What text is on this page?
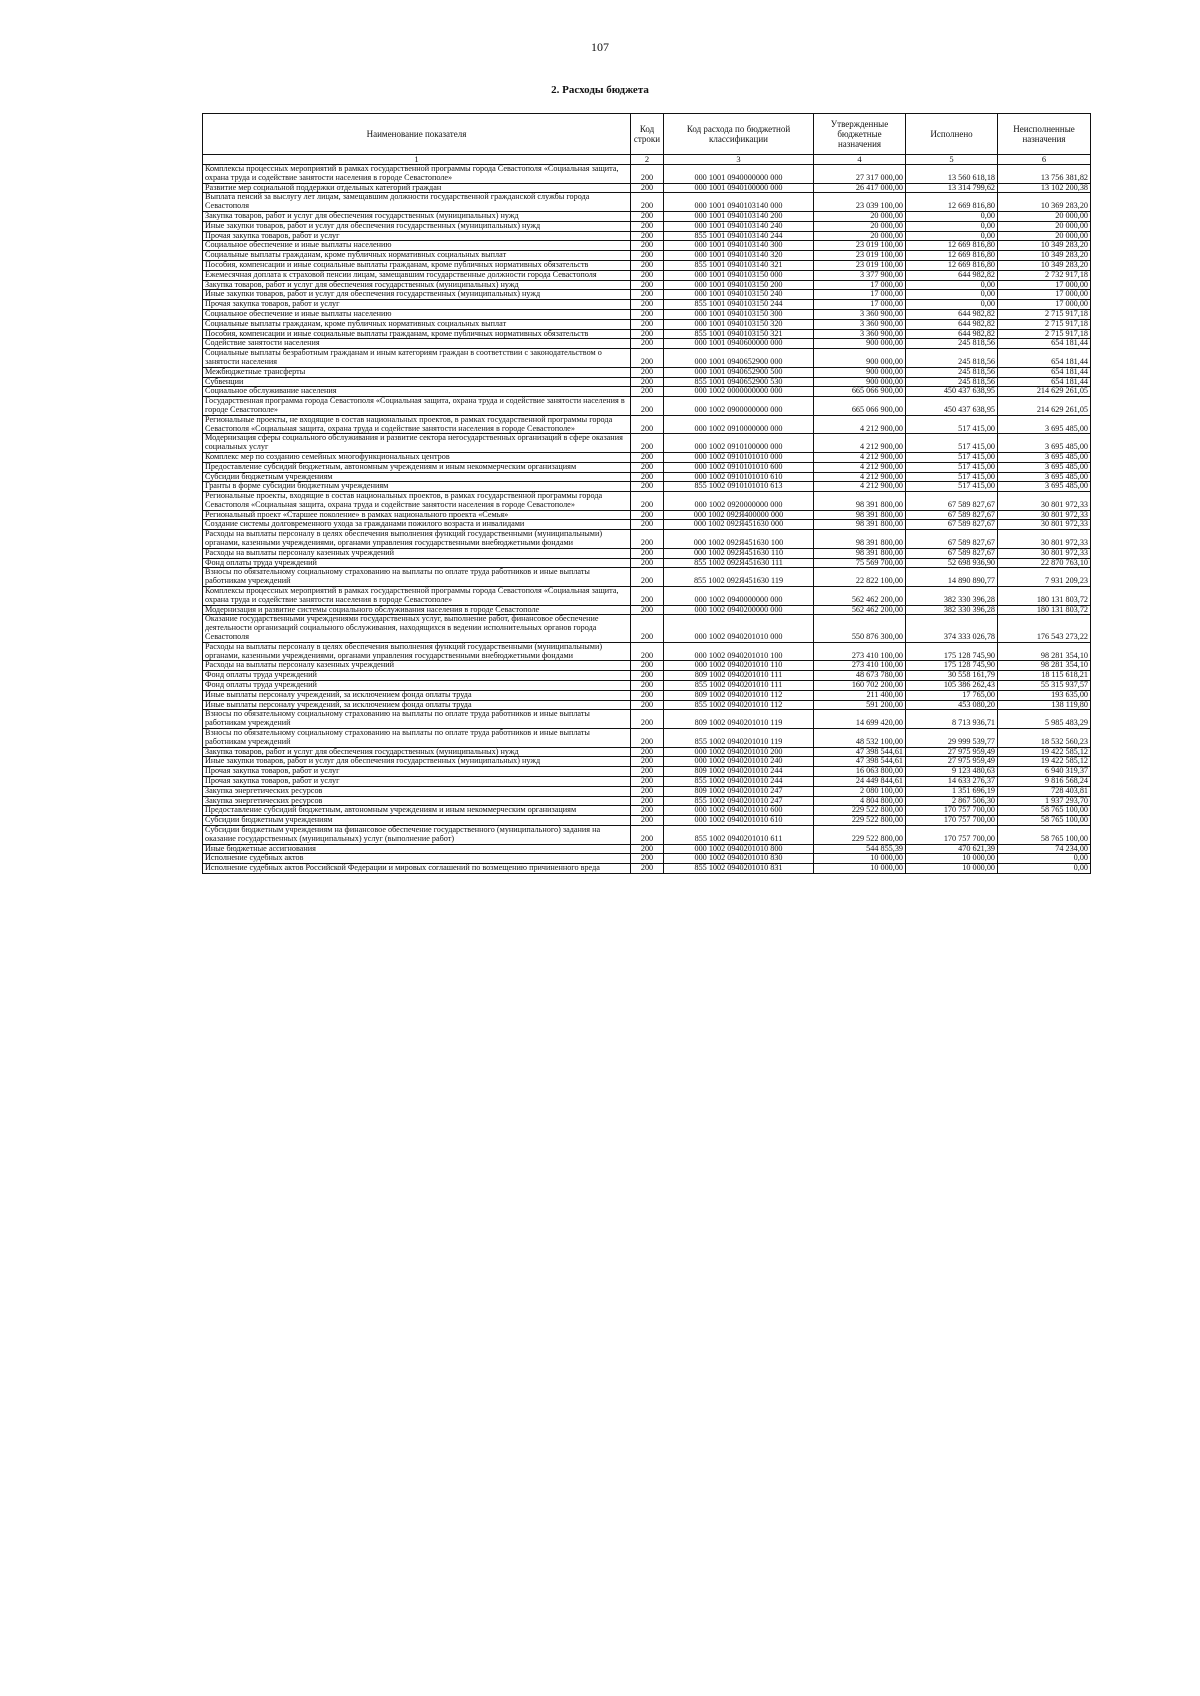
107
2. Расходы бюджета
Наименование показателя	Код строки	Код расхода по бюджетной классификации	Утвержденные бюджетные назначения	Исполнено	Неисполненные назначения
1	2	3	4	5	6
Комплексы процессных мероприятий в рамках государственной программы города Севастополя «Социальная защита, охрана труда и содействие занятости населения в городе Севастополе»	200	000 1001 0940000000 000	27 317 000,00	13 560 618,18	13 756 381,82
Развитие мер социальной поддержки отдельных категорий граждан	200	000 1001 0940100000 000	26 417 000,00	13 314 799,62	13 102 200,38
Выплата пенсий за выслугу лет лицам, замещавшим должности государственной гражданской службы города Севастополя	200	000 1001 0940103140 000	23 039 100,00	12 669 816,80	10 369 283,20
Закупка товаров, работ и услуг для обеспечения государственных (муниципальных) нужд	200	000 1001 0940103140 200	20 000,00	0,00	20 000,00
Иные закупки товаров, работ и услуг для обеспечения государственных (муниципальных) нужд	200	000 1001 0940103140 240	20 000,00	0,00	20 000,00
Прочая закупка товаров, работ и услуг	200	855 1001 0940103140 244	20 000,00	0,00	20 000,00
Социальное обеспечение и иные выплаты населению	200	000 1001 0940103140 300	23 019 100,00	12 669 816,80	10 349 283,20
Социальные выплаты гражданам, кроме публичных нормативных социальных выплат	200	000 1001 0940103140 320	23 019 100,00	12 669 816,80	10 349 283,20
Пособия, компенсации и иные социальные выплаты гражданам, кроме публичных нормативных обязательств	200	855 1001 0940103140 321	23 019 100,00	12 669 816,80	10 349 283,20
Ежемесячная доплата к страховой пенсии лицам, замещавшим государственные должности города Севастополя	200	000 1001 0940103150 000	3 377 900,00	644 982,82	2 732 917,18
Закупка товаров, работ и услуг для обеспечения государственных (муниципальных) нужд	200	000 1001 0940103150 200	17 000,00	0,00	17 000,00
Иные закупки товаров, работ и услуг для обеспечения государственных (муниципальных) нужд	200	000 1001 0940103150 240	17 000,00	0,00	17 000,00
Прочая закупка товаров, работ и услуг	200	855 1001 0940103150 244	17 000,00	0,00	17 000,00
Социальное обеспечение и иные выплаты населению	200	000 1001 0940103150 300	3 360 900,00	644 982,82	2 715 917,18
Социальные выплаты гражданам, кроме публичных нормативных социальных выплат	200	000 1001 0940103150 320	3 360 900,00	644 982,82	2 715 917,18
Пособия, компенсации и иные социальные выплаты гражданам, кроме публичных нормативных обязательств	200	855 1001 0940103150 321	3 360 900,00	644 982,82	2 715 917,18
Содействие занятости населения	200	000 1001 0940600000 000	900 000,00	245 818,56	654 181,44
Социальные выплаты безработным гражданам и иным категориям граждан в соответствии с законодательством о занятости населения	200	000 1001 0940652900 000	900 000,00	245 818,56	654 181,44
Межбюджетные трансферты	200	000 1001 0940652900 500	900 000,00	245 818,56	654 181,44
Субвенции	200	855 1001 0940652900 530	900 000,00	245 818,56	654 181,44
Социальное обслуживание населения	200	000 1002 0000000000 000	665 066 900,00	450 437 638,95	214 629 261,05
Государственная программа города Севастополя «Социальная защита, охрана труда и содействие занятости населения в городе Севастополе»	200	000 1002 0900000000 000	665 066 900,00	450 437 638,95	214 629 261,05
Региональные проекты, не входящие в состав национальных проектов, в рамках государственной программы города Севастополя «Социальная защита, охрана труда и содействие занятости населения в городе Севастополе»	200	000 1002 0910000000 000	4 212 900,00	517 415,00	3 695 485,00
Модернизация сферы социального обслуживания и развитие сектора негосударственных организаций в сфере оказания социальных услуг	200	000 1002 0910100000 000	4 212 900,00	517 415,00	3 695 485,00
Комплекс мер по созданию семейных многофункциональных центров	200	000 1002 0910101010 000	4 212 900,00	517 415,00	3 695 485,00
Предоставление субсидий бюджетным, автономным учреждениям и иным некоммерческим организациям	200	000 1002 0910101010 600	4 212 900,00	517 415,00	3 695 485,00
Субсидии бюджетным учреждениям	200	000 1002 0910101010 610	4 212 900,00	517 415,00	3 695 485,00
Гранты в форме субсидии бюджетным учреждениям	200	855 1002 0910101010 613	4 212 900,00	517 415,00	3 695 485,00
Региональные проекты, входящие в состав национальных проектов, в рамках государственной программы города Севастополя «Социальная защита, охрана труда и содействие занятости населения в городе Севастополе»	200	000 1002 0920000000 000	98 391 800,00	67 589 827,67	30 801 972,33
Региональный проект «Старшее поколение» в рамках национального проекта «Семья»	200	000 1002 092Я400000 000	98 391 800,00	67 589 827,67	30 801 972,33
Создание системы долговременного ухода за гражданами пожилого возраста и инвалидами	200	000 1002 092Я451630 000	98 391 800,00	67 589 827,67	30 801 972,33
Расходы на выплаты персоналу в целях обеспечения выполнения функций государственными (муниципальными) органами, казенными учреждениями, органами управления государственными внебюджетными фондами	200	000 1002 092Я451630 100	98 391 800,00	67 589 827,67	30 801 972,33
Расходы на выплаты персоналу казенных учреждений	200	000 1002 092Я451630 110	98 391 800,00	67 589 827,67	30 801 972,33
Фонд оплаты труда учреждений	200	855 1002 092Я451630 111	75 569 700,00	52 698 936,90	22 870 763,10
Взносы по обязательному социальному страхованию на выплаты по оплате труда работников и иные выплаты работникам учреждений	200	855 1002 092Я451630 119	22 822 100,00	14 890 890,77	7 931 209,23
Комплексы процессных мероприятий в рамках государственной программы города Севастополя «Социальная защита, охрана труда и содействие занятости населения в городе Севастополе»	200	000 1002 0940000000 000	562 462 200,00	382 330 396,28	180 131 803,72
Модернизация и развитие системы социального обслуживания населения в городе Севастополе	200	000 1002 0940200000 000	562 462 200,00	382 330 396,28	180 131 803,72
Оказание государственными учреждениями государственных услуг, выполнение работ, финансовое обеспечение деятельности организаций социального обслуживания, находящихся в ведении исполнительных органов города Севастополя	200	000 1002 0940201010 000	550 876 300,00	374 333 026,78	176 543 273,22
Расходы на выплаты персоналу в целях обеспечения выполнения функций государственными (муниципальными) органами, казенными учреждениями, органами управления государственными внебюджетными фондами	200	000 1002 0940201010 100	273 410 100,00	175 128 745,90	98 281 354,10
Расходы на выплаты персоналу казенных учреждений	200	000 1002 0940201010 110	273 410 100,00	175 128 745,90	98 281 354,10
Фонд оплаты труда учреждений	200	809 1002 0940201010 111	48 673 780,00	30 558 161,79	18 115 618,21
Фонд оплаты труда учреждений	200	855 1002 0940201010 111	160 702 200,00	105 386 262,43	55 315 937,57
Иные выплаты персоналу учреждений, за исключением фонда оплаты труда	200	809 1002 0940201010 112	211 400,00	17 765,00	193 635,00
Иные выплаты персоналу учреждений, за исключением фонда оплаты труда	200	855 1002 0940201010 112	591 200,00	453 080,20	138 119,80
Взносы по обязательному социальному страхованию на выплаты по оплате труда работников и иные выплаты работникам учреждений	200	809 1002 0940201010 119	14 699 420,00	8 713 936,71	5 985 483,29
Взносы по обязательному социальному страхованию на выплаты по оплате труда работников и иные выплаты работникам учреждений	200	855 1002 0940201010 119	48 532 100,00	29 999 539,77	18 532 560,23
Закупка товаров, работ и услуг для обеспечения государственных (муниципальных) нужд	200	000 1002 0940201010 200	47 398 544,61	27 975 959,49	19 422 585,12
Иные закупки товаров, работ и услуг для обеспечения государственных (муниципальных) нужд	200	000 1002 0940201010 240	47 398 544,61	27 975 959,49	19 422 585,12
Прочая закупка товаров, работ и услуг	200	809 1002 0940201010 244	16 063 800,00	9 123 480,63	6 940 319,37
Прочая закупка товаров, работ и услуг	200	855 1002 0940201010 244	24 449 844,61	14 633 276,37	9 816 568,24
Закупка энергетических ресурсов	200	809 1002 0940201010 247	2 080 100,00	1 351 696,19	728 403,81
Закупка энергетических ресурсов	200	855 1002 0940201010 247	4 804 800,00	2 867 506,30	1 937 293,70
Предоставление субсидий бюджетным, автономным учреждениям и иным некоммерческим организациям	200	000 1002 0940201010 600	229 522 800,00	170 757 700,00	58 765 100,00
Субсидии бюджетным учреждениям	200	000 1002 0940201010 610	229 522 800,00	170 757 700,00	58 765 100,00
Субсидии бюджетным учреждениям на финансовое обеспечение государственного (муниципального) задания на оказание государственных (муниципальных) услуг (выполнение работ)	200	855 1002 0940201010 611	229 522 800,00	170 757 700,00	58 765 100,00
Иные бюджетные ассигнования	200	000 1002 0940201010 800	544 855,39	470 621,39	74 234,00
Исполнение судебных актов	200	000 1002 0940201010 830	10 000,00	10 000,00	0,00
Исполнение судебных актов Российской Федерации и мировых соглашений по возмещению причиненного вреда	200	855 1002 0940201010 831	10 000,00	10 000,00	0,00
